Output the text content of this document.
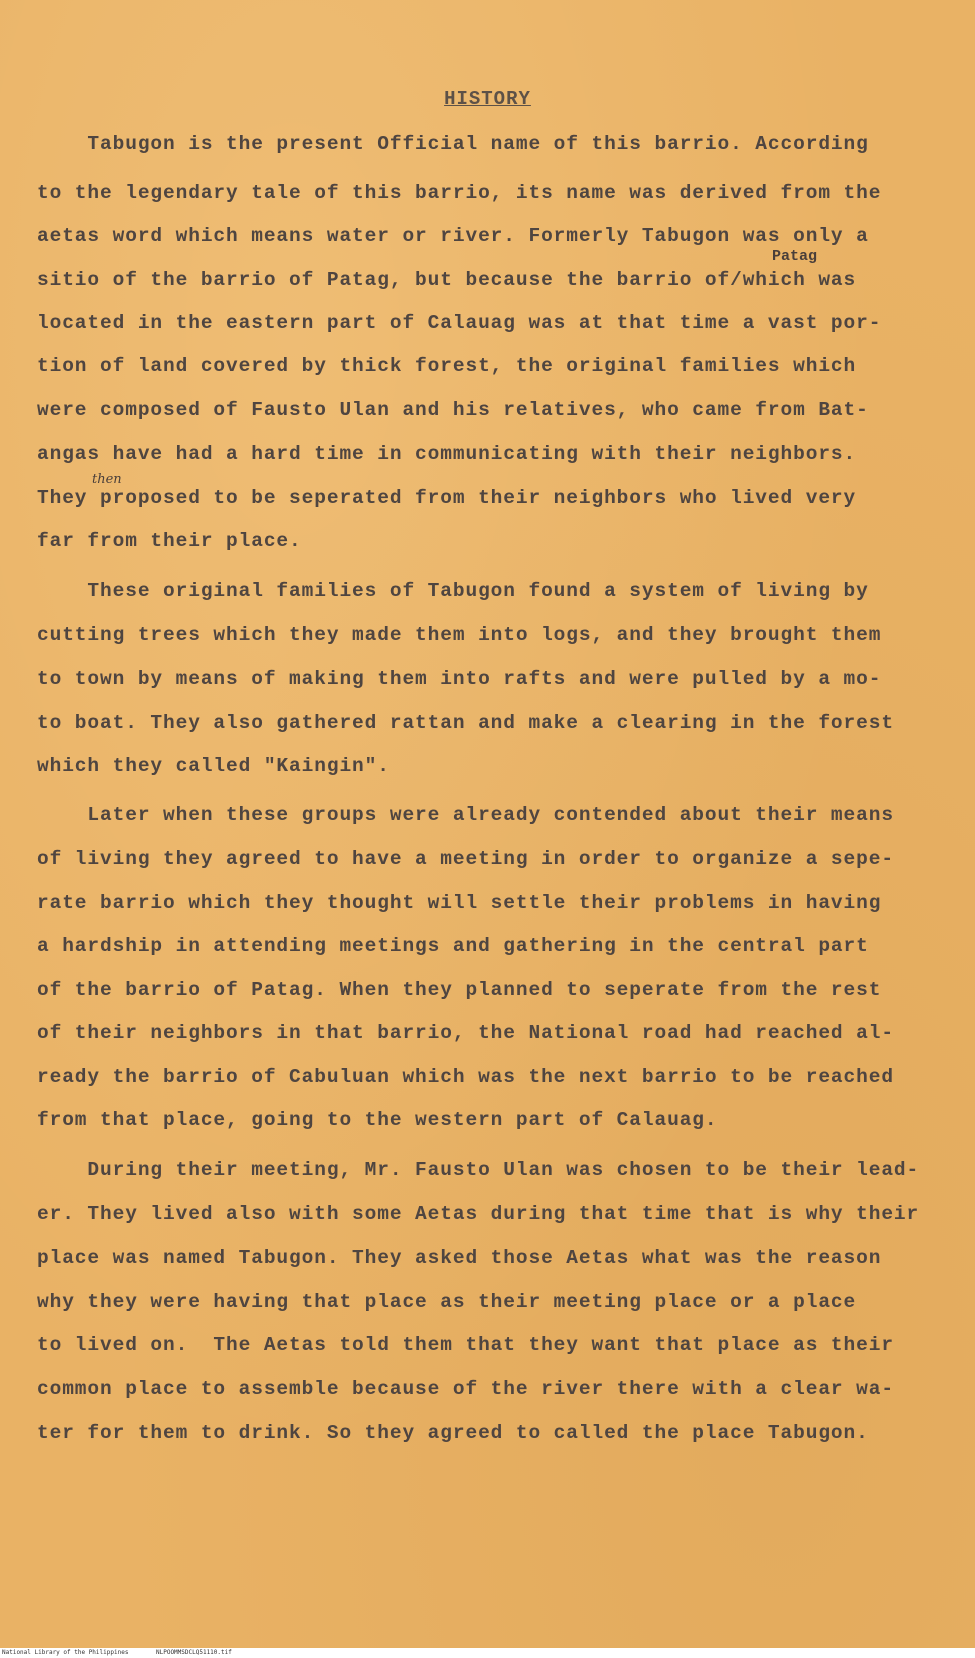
HISTORY
Patag
then
Tabugon is the present Official name of this barrio. According
to the legendary tale of this barrio, its name was derived from the
aetas word which means water or river. Formerly Tabugon was only a
sitio of the barrio of Patag, but because the barrio of/which was
located in the eastern part of Calauag was at that time a vast por-
tion of land covered by thick forest, the original families which
were composed of Fausto Ulan and his relatives, who came from Bat-
angas have had a hard time in communicating with their neighbors.
They proposed to be seperated from their neighbors who lived very
far from their place.
These original families of Tabugon found a system of living by
cutting trees which they made them into logs, and they brought them
to town by means of making them into rafts and were pulled by a mo-
to boat. They also gathered rattan and make a clearing in the forest
which they called "Kaingin".
Later when these groups were already contended about their means
of living they agreed to have a meeting in order to organize a sepe-
rate barrio which they thought will settle their problems in having
a hardship in attending meetings and gathering in the central part
of the barrio of Patag. When they planned to seperate from the rest
of their neighbors in that barrio, the National road had reached al-
ready the barrio of Cabuluan which was the next barrio to be reached
from that place, going to the western part of Calauag.
During their meeting, Mr. Fausto Ulan was chosen to be their lead-
er. They lived also with some Aetas during that time that is why their
place was named Tabugon. They asked those Aetas what was the reason
why they were having that place as their meeting place or a place
to lived on.  The Aetas told them that they want that place as their
common place to assemble because of the river there with a clear wa-
ter for them to drink. So they agreed to called the place Tabugon.
National Library of the Philippines	NLPOOMMSDCLQ51110.tif
